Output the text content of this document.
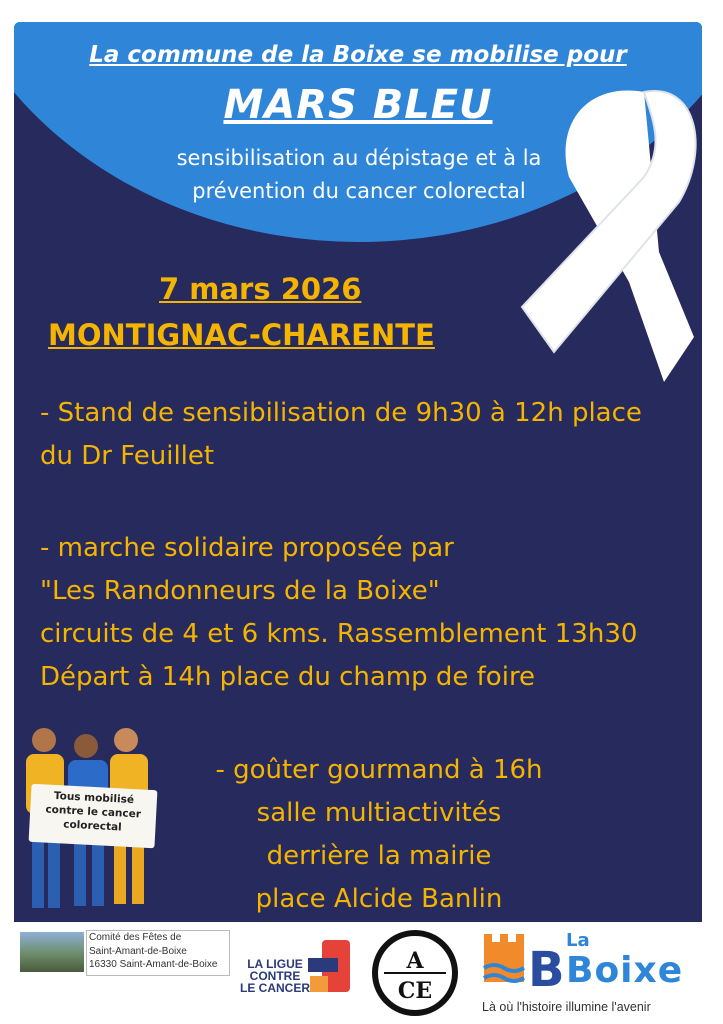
La commune de la Boixe se mobilise pour
MARS BLEU
sensibilisation au dépistage et à la
prévention du cancer colorectal
7 mars 2026
MONTIGNAC-CHARENTE
- Stand de sensibilisation de 9h30 à 12h place
du Dr Feuillet
- marche solidaire proposée par
"Les Randonneurs de la Boixe"
circuits de 4 et 6 kms. Rassemblement 13h30
Départ à 14h place du champ de foire
- goûter gourmand à 16h
salle multiactivités
derrière la mairie
place Alcide Banlin
Tous mobilisé
contre le cancer
colorectal
Comité des Fêtes de
Saint-Amant-de-Boixe
16330 Saint-Amant-de-Boixe	LA LIGUE
CONTRE
LE CANCER
A
CE B
La
Boixe
Là où l'histoire illumine l'avenir
